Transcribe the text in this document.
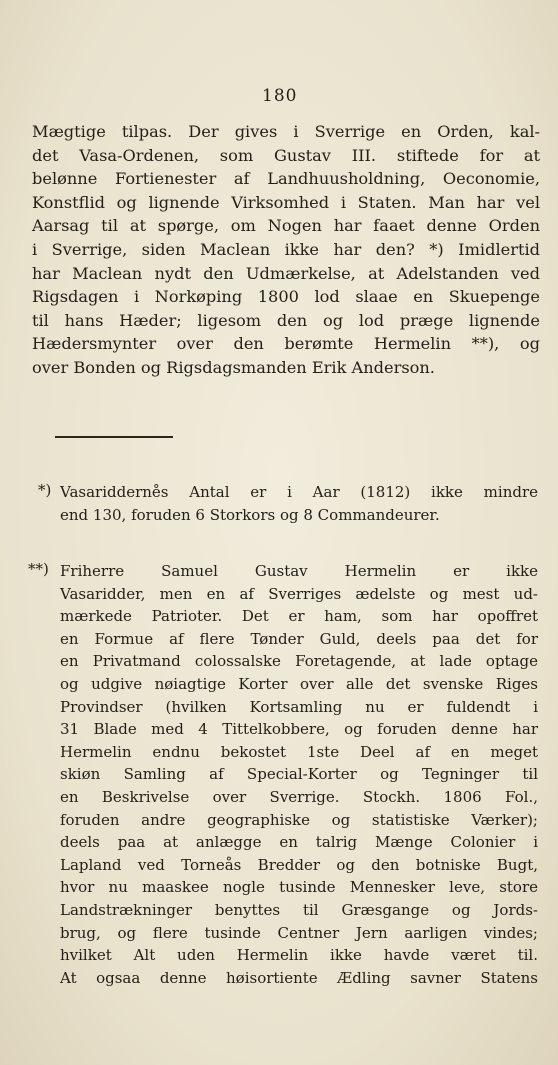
180
Mægtige tilpas. Der gives i Sverrige en Orden, kal-
det Vasa-Ordenen, som Gustav III. stiftede for at
belønne Fortienester af Landhuusholdning, Oeconomie,
Konstflid og lignende Virksomhed i Staten. Man har vel
Aarsag til at spørge, om Nogen har faaet denne Orden
i Sverrige, siden Maclean ikke har den? *) Imidlertid
har Maclean nydt den Udmærkelse, at Adelstanden ved
Rigsdagen i Norkøping 1800 lod slaae en Skuepenge
til hans Hæder; ligesom den og lod præge lignende
Hædersmynter over den berømte Hermelin **), og
over Bonden og Rigsdagsmanden Erik Anderson.
*) Vasaridderne̊s Antal er i Aar (1812) ikke mindre
end 130, foruden 6 Storkors og 8 Commandeurer.
**) Friherre Samuel Gustav Hermelin er ikke
Vasaridder, men en af Sverriges ædelste og mest ud-
mærkede Patrioter. Det er ham, som har opoffret
en Formue af flere Tønder Guld, deels paa det for
en Privatmand colossalske Foretagende, at lade optage
og udgive nøiagtige Korter over alle det svenske Riges
Provindser (hvilken Kortsamling nu er fuldendt i
31 Blade med 4 Tittelkobbere, og foruden denne har
Hermelin endnu bekostet 1ste Deel af en meget
skiøn Samling af Special-Korter og Tegninger til
en Beskrivelse over Sverrige. Stockh. 1806 Fol.,
foruden andre geographiske og statistiske Værker);
deels paa at anlægge en talrig Mænge Colonier i
Lapland ved Torneås Bredder og den botniske Bugt,
hvor nu maaskee nogle tusinde Mennesker leve, store
Landstrækninger benyttes til Græsgange og Jords-
brug, og flere tusinde Centner Jern aarligen vindes;
hvilket Alt uden Hermelin ikke havde været til.
At ogsaa denne høisortiente Ædling savner Statens
